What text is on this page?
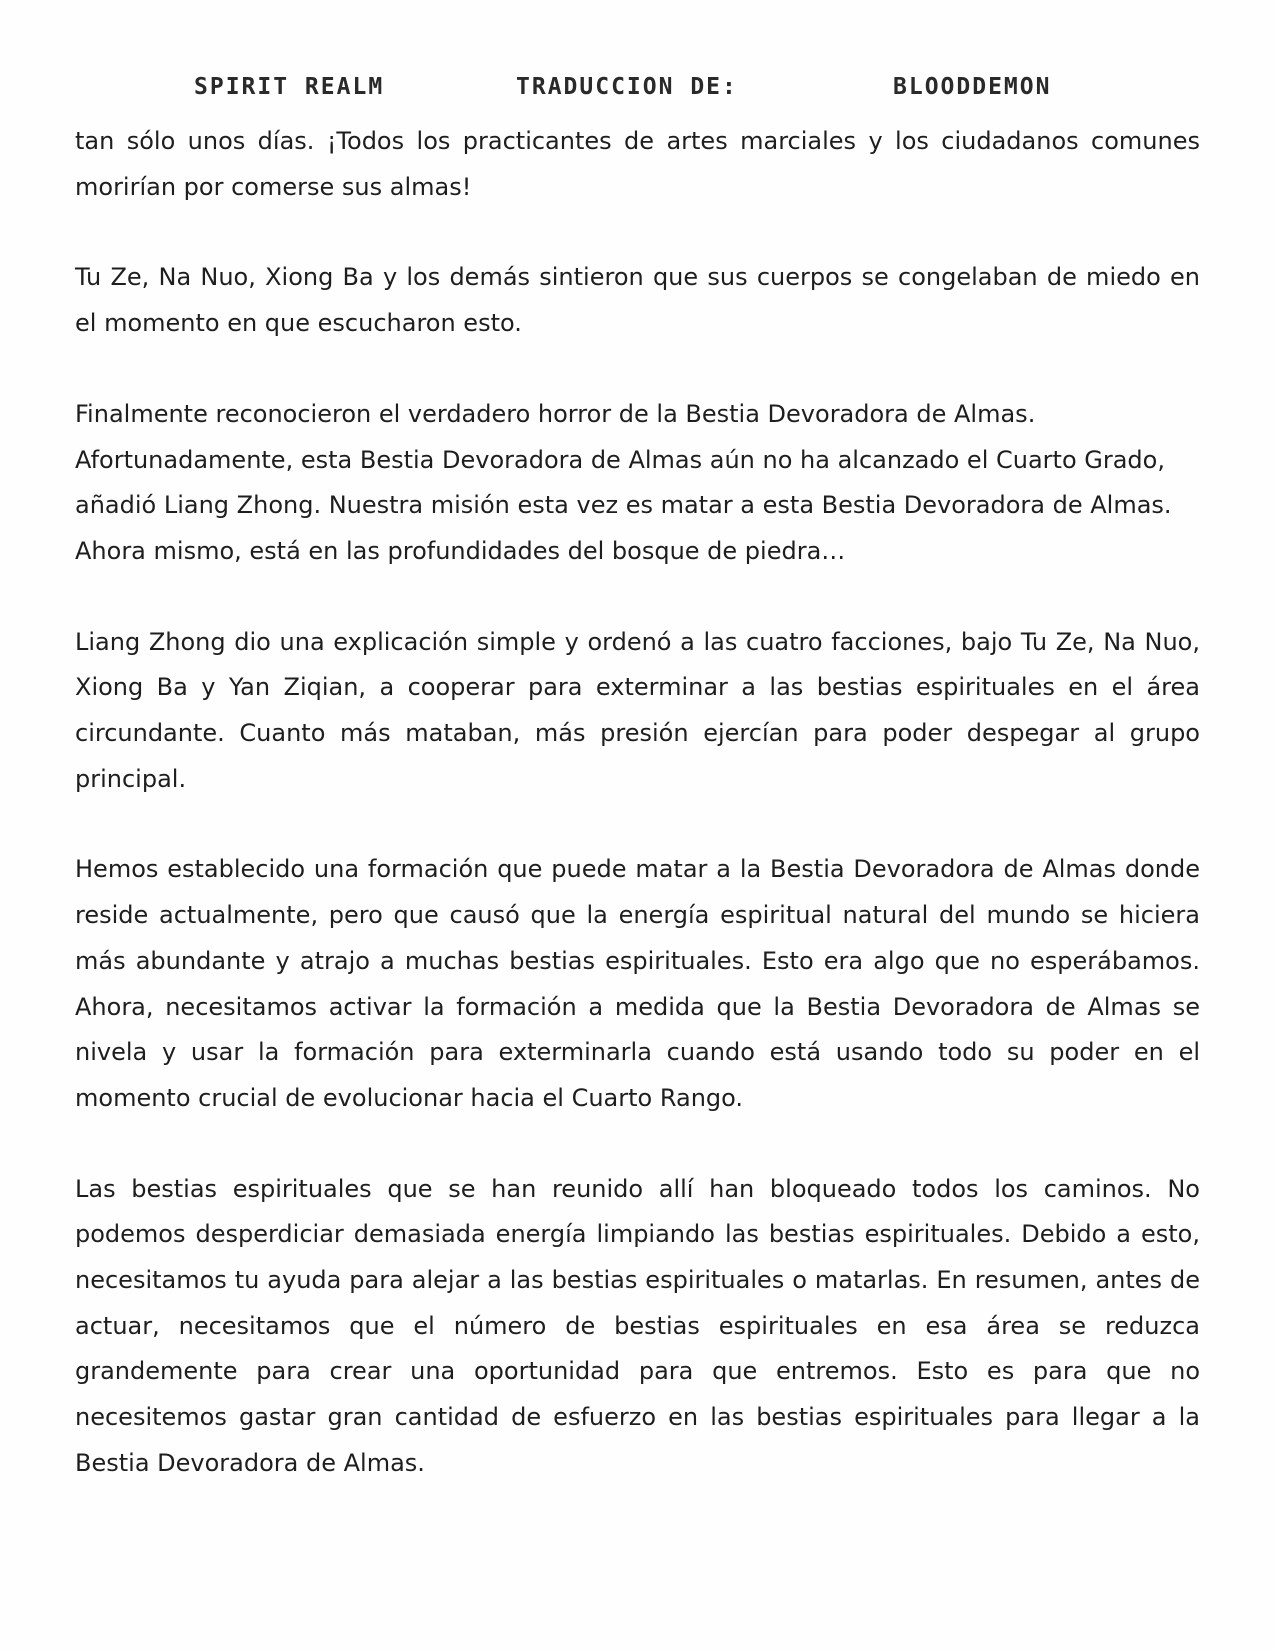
SPIRIT REALM	TRADUCCION DE:	BLOODDEMON

tan sólo unos días. ¡Todos los practicantes de artes marciales y los ciudadanos comunes morirían por comerse sus almas!

Tu Ze, Na Nuo, Xiong Ba y los demás sintieron que sus cuerpos se congelaban de miedo en el momento en que escucharon esto.

Finalmente reconocieron el verdadero horror de la Bestia Devoradora de Almas. Afortunadamente, esta Bestia Devoradora de Almas aún no ha alcanzado el Cuarto Grado, añadió Liang Zhong. Nuestra misión esta vez es matar a esta Bestia Devoradora de Almas. Ahora mismo, está en las profundidades del bosque de piedra…

Liang Zhong dio una explicación simple y ordenó a las cuatro facciones, bajo Tu Ze, Na Nuo, Xiong Ba y Yan Ziqian, a cooperar para exterminar a las bestias espirituales en el área circundante. Cuanto más mataban, más presión ejercían para poder despegar al grupo principal.

Hemos establecido una formación que puede matar a la Bestia Devoradora de Almas donde reside actualmente, pero que causó que la energía espiritual natural del mundo se hiciera más abundante y atrajo a muchas bestias espirituales. Esto era algo que no esperábamos. Ahora, necesitamos activar la formación a medida que la Bestia Devoradora de Almas se nivela y usar la formación para exterminarla cuando está usando todo su poder en el momento crucial de evolucionar hacia el Cuarto Rango.

Las bestias espirituales que se han reunido allí han bloqueado todos los caminos. No podemos desperdiciar demasiada energía limpiando las bestias espirituales. Debido a esto, necesitamos tu ayuda para alejar a las bestias espirituales o matarlas. En resumen, antes de actuar, necesitamos que el número de bestias espirituales en esa área se reduzca grandemente para crear una oportunidad para que entremos. Esto es para que no necesitemos gastar gran cantidad de esfuerzo en las bestias espirituales para llegar a la Bestia Devoradora de Almas.
